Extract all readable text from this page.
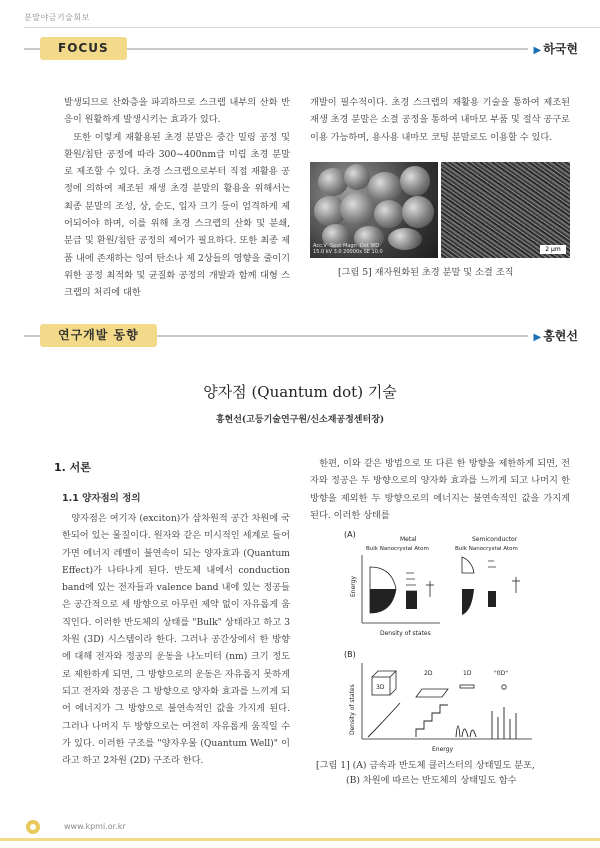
분말야금기술회보
FOCUS	▶ 하국현

발생되므로 산화층을 파괴하므로 스크랩 내부의 산화 반응이 원활하게 발생시키는 효과가 있다.

또한 이렇게 재활용된 초경 분말은 중간 밀링 공정 및 환원/침탄 공정에 따라 300~400nm급 미립 초경 분말로 제조할 수 있다. 초경 스크랩으로부터 직접 재활용 공정에 의하여 제조된 재생 초경 분말의 활용을 위해서는 최종 분말의 조성, 상, 순도, 입자 크기 등이 엄격하게 제어되어야 하며, 이를 위해 초경 스크랩의 산화 및 분쇄, 분급 및 환원/침탄 공정의 제어가 필요하다. 또한 최종 제품 내에 존재하는 잉여 탄소나 제 2상들의 영향을 줄이기 위한 공정 최적화 및 균질화 공정의 개발과 함께 대형 스크랩의 처리에 대한

개발이 필수적이다. 초경 스크랩의 재활용 기술을 통하여 제조된 재생 초경 분말은 소결 공정을 통하여 내마모 부품 및 절삭 공구로 이용 가능하며, 용사용 내마모 코팅 분말로도 이용할 수 있다.

Acc.V  Spot Magn  Det WD
15.0 kV 3.0 20000x SE 10.0	2 μm
[그림 5] 재자원화된 초경 분말 및 소결 조직
연구개발 동향	▶ 홍현선
양자점 (Quantum dot) 기술
홍현선(고등기술연구원/신소재공정센터장)
1. 서론
1.1 양자점의 정의

양자점은 여기자 (exciton)가 삼차원적 공간 차원에 국한되어 있는 물질이다. 원자와 같은 미시적인 세계로 들어가면 에너지 레벨이 불연속이 되는 양자효과 (Quantum Effect)가 나타나게 된다. 반도체 내에서 conduction band에 있는 전자들과 valence band 내에 있는 정공들은 공간적으로 세 방향으로 아무런 제약 없이 자유롭게 움직인다. 이러한 반도체의 상태를 "Bulk" 상태라고 하고 3차원 (3D) 시스템이라 한다. 그러나 공간상에서 한 방향에 대해 전자와 정공의 운동을 나노미터 (nm) 크기 정도로 제한하게 되면, 그 방향으로의 운동은 자유롭지 못하게 되고 전자와 정공은 그 방향으로 양자화 효과를 느끼게 되어 에너지가 그 방향으로 불연속적인 값을 가지게 된다. 그러나 나머지 두 방향으로는 여전히 자유롭게 움직일 수가 있다. 이러한 구조를 "양자우물 (Quantum Well)" 이라고 하고 2차원 (2D) 구조라 한다.

한편, 이와 같은 방법으로 또 다른 한 방향을 제한하게 되면, 전자와 정공은 두 방향으로의 양자화 효과를 느끼게 되고 나머지 한 방향을 제외한 두 방향으로의 에너지는 불연속적인 값을 가지게 된다. 이러한 상태를

(A)
Metal	Semiconductor
Bulk Nanocrystal Atom	Bulk Nanocrystal Atom
Energy
Density of states
(B)
Density of states	3D
2D	1D	"0D"
Energy
[그림 1] (A) 금속과 반도체 클러스터의 상태밀도 분포,
(B) 차원에 따르는 반도체의 상태밀도 함수
www.kpmi.or.kr
